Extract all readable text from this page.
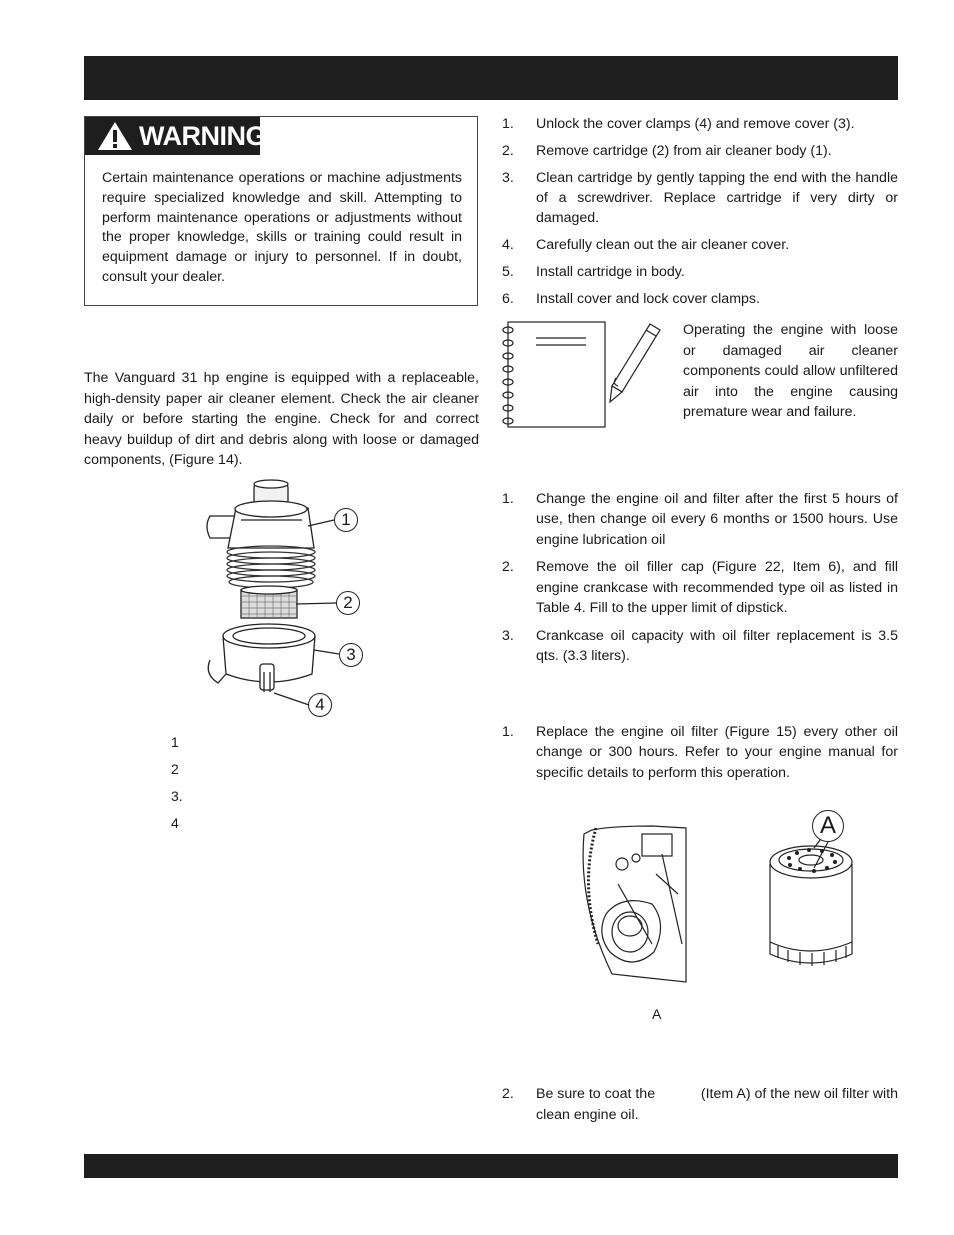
WARNING
Certain maintenance operations or machine adjustments require specialized knowledge and skill. Attempting to perform maintenance operations or adjustments without the proper knowledge, skills or training could result in equipment damage or injury to personnel. If in doubt, consult your dealer.
The Vanguard 31 hp engine is equipped with a replaceable, high-density paper air cleaner element. Check the air cleaner daily or before starting the engine. Check for and correct heavy buildup of dirt and debris along with loose or damaged components, (Figure 14).
1
2
3
4
1
2
3.
4
1. Unlock the cover clamps (4) and remove cover (3).
2. Remove cartridge (2) from air cleaner body (1).
3. Clean cartridge by gently tapping the end with the handle of a screwdriver. Replace cartridge if very dirty or damaged.
4. Carefully clean out the air cleaner cover.
5. Install cartridge in body.
6. Install cover and lock cover clamps.
Operating the engine with loose or damaged air cleaner components could allow unfiltered air into the engine causing premature wear and failure.
1. Change the engine oil and filter after the first 5 hours of use, then change oil every 6 months or 1500 hours. Use engine lubrication oil
2. Remove the oil filler cap (Figure 22, Item 6), and fill engine crankcase with recommended type oil as listed in Table 4. Fill to the upper limit of dipstick.
3. Crankcase oil capacity with oil filter replacement is 3.5 qts. (3.3 liters).
1. Replace the engine oil filter (Figure 15) every other oil change or 300 hours. Refer to your engine manual for specific details to perform this operation.
A
A
2. Be sure to coat the	(Item A) of the new oil filter with
clean engine oil.
